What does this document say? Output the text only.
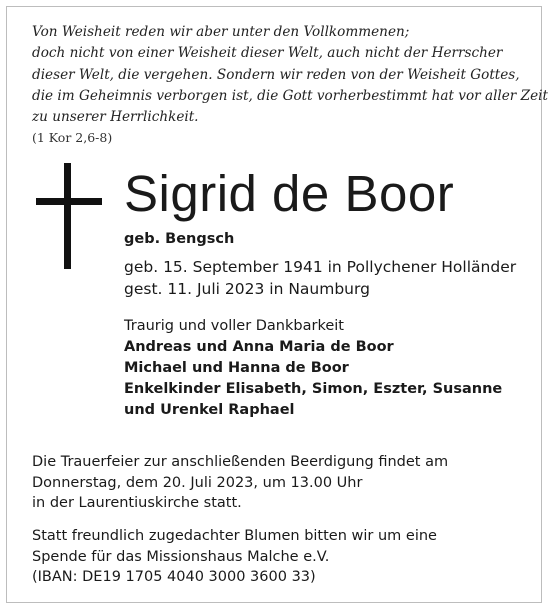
Von Weisheit reden wir aber unter den Vollkommenen;
doch nicht von einer Weisheit dieser Welt, auch nicht der Herrscher
dieser Welt, die vergehen. Sondern wir reden von der Weisheit Gottes,
die im Geheimnis verborgen ist, die Gott vorherbestimmt hat vor aller Zeit
zu unserer Herrlichkeit.
(1 Kor 2,6-8)
Sigrid de Boor
geb. Bengsch
geb. 15. September 1941 in Pollychener Holländer
gest. 11. Juli 2023 in Naumburg
Traurig und voller Dankbarkeit
Andreas und Anna Maria de Boor
Michael und Hanna de Boor
Enkelkinder Elisabeth, Simon, Eszter, Susanne
und Urenkel Raphael
Die Trauerfeier zur anschließenden Beerdigung findet am
Donnerstag, dem 20. Juli 2023, um 13.00 Uhr
in der Laurentiuskirche statt.
Statt freundlich zugedachter Blumen bitten wir um eine
Spende für das Missionshaus Malche e.V.
(IBAN: DE19 1705 4040 3000 3600 33)
